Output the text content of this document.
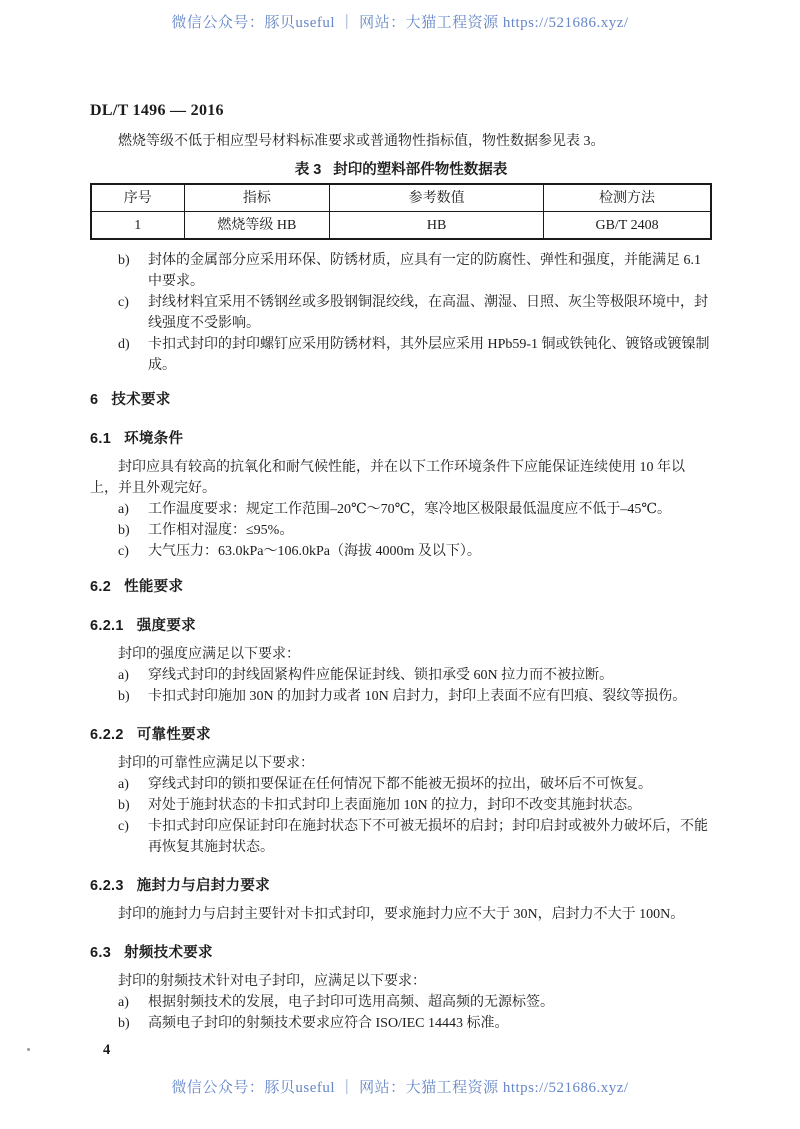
微信公众号：豚贝useful ｜ 网站：大猫工程资源 https://521686.xyz/
DL/T 1496 — 2016
燃烧等级不低于相应型号材料标准要求或普通物性指标值，物性数据参见表 3。
表 3 封印的塑料部件物性数据表
序号	指标	参考数值	检测方法
1	燃烧等级 HB	HB	GB/T 2408
b) 封体的金属部分应采用环保、防锈材质，应具有一定的防腐性、弹性和强度，并能满足 6.1 中要求。
c) 封线材料宜采用不锈钢丝或多股钢铜混绞线，在高温、潮湿、日照、灰尘等极限环境中，封线强度不受影响。
d) 卡扣式封印的封印螺钉应采用防锈材料，其外层应采用 HPb59-1 铜或铁钝化、镀铬或镀镍制成。
6 技术要求
6.1 环境条件
封印应具有较高的抗氧化和耐气候性能，并在以下工作环境条件下应能保证连续使用 10 年以上，并且外观完好。
a) 工作温度要求：规定工作范围–20℃～70℃，寒冷地区极限最低温度应不低于–45℃。
b) 工作相对湿度：≤95%。
c) 大气压力：63.0kPa～106.0kPa（海拔 4000m 及以下）。
6.2 性能要求
6.2.1 强度要求
封印的强度应满足以下要求：
a) 穿线式封印的封线固紧构件应能保证封线、锁扣承受 60N 拉力而不被拉断。
b) 卡扣式封印施加 30N 的加封力或者 10N 启封力，封印上表面不应有凹痕、裂纹等损伤。
6.2.2 可靠性要求
封印的可靠性应满足以下要求：
a) 穿线式封印的锁扣要保证在任何情况下都不能被无损坏的拉出，破坏后不可恢复。
b) 对处于施封状态的卡扣式封印上表面施加 10N 的拉力，封印不改变其施封状态。
c) 卡扣式封印应保证封印在施封状态下不可被无损坏的启封；封印启封或被外力破坏后，不能再恢复其施封状态。
6.2.3 施封力与启封力要求
封印的施封力与启封主要针对卡扣式封印，要求施封力应不大于 30N，启封力不大于 100N。
6.3 射频技术要求
封印的射频技术针对电子封印，应满足以下要求：
a) 根据射频技术的发展，电子封印可选用高频、超高频的无源标签。
b) 高频电子封印的射频技术要求应符合 ISO/IEC 14443 标准。
4
微信公众号：豚贝useful ｜ 网站：大猫工程资源 https://521686.xyz/
